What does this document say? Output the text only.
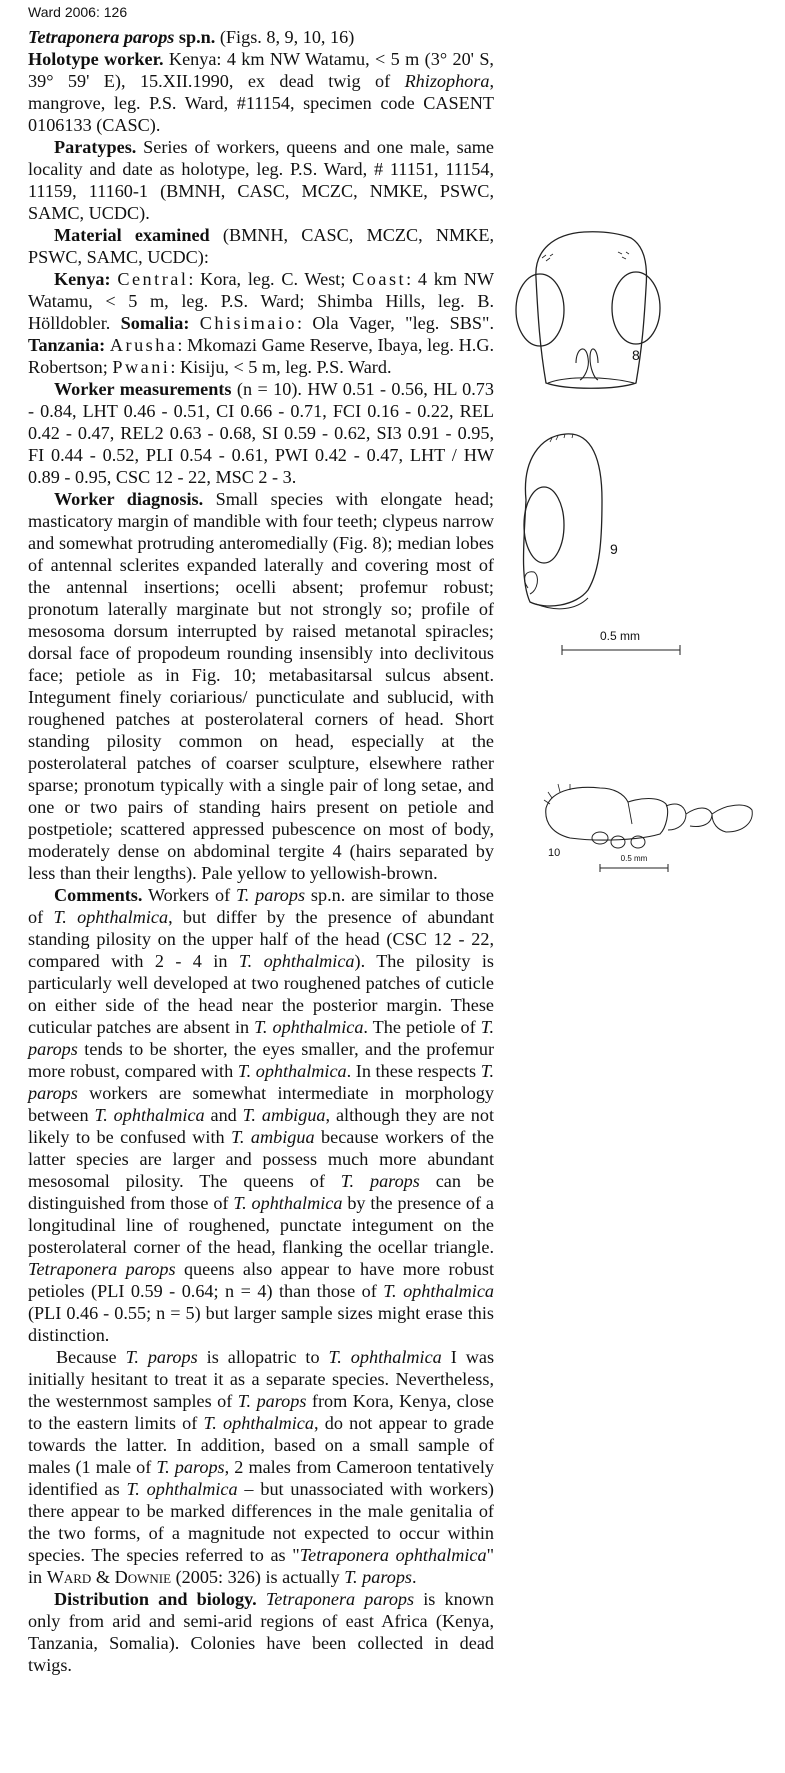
Ward 2006: 126

Tetraponera parops sp.n. (Figs. 8, 9, 10, 16)

Holotype worker. Kenya: 4 km NW Watamu, < 5 m (3° 20' S, 39° 59' E), 15.XII.1990, ex dead twig of Rhizophora, mangrove, leg. P.S. Ward, #11154, specimen code CASENT 0106133 (CASC).

Paratypes. Series of workers, queens and one male, same locality and date as holotype, leg. P.S. Ward, # 11151, 11154, 11159, 11160-1 (BMNH, CASC, MCZC, NMKE, PSWC, SAMC, UCDC).

Material examined (BMNH, CASC, MCZC, NMKE, PSWC, SAMC, UCDC):

Kenya: Central: Kora, leg. C. West; Coast: 4 km NW Watamu, < 5 m, leg. P.S. Ward; Shimba Hills, leg. B. Hölldobler. Somalia: Chisimaio: Ola Vager, "leg. SBS". Tanzania: Arusha: Mkomazi Game Reserve, Ibaya, leg. H.G. Robertson; Pwani: Kisiju, < 5 m, leg. P.S. Ward.

Worker measurements (n = 10). HW 0.51 - 0.56, HL 0.73 - 0.84, LHT 0.46 - 0.51, CI 0.66 - 0.71, FCI 0.16 - 0.22, REL 0.42 - 0.47, REL2 0.63 - 0.68, SI 0.59 - 0.62, SI3 0.91 - 0.95, FI 0.44 - 0.52, PLI 0.54 - 0.61, PWI 0.42 - 0.47, LHT / HW 0.89 - 0.95, CSC 12 - 22, MSC 2 - 3.

Worker diagnosis. Small species with elongate head; masticatory margin of mandible with four teeth; clypeus narrow and somewhat protruding anteromedially (Fig. 8); median lobes of antennal sclerites expanded laterally and covering most of the antennal insertions; ocelli absent; profemur robust; pronotum laterally marginate but not strongly so; profile of mesosoma dorsum interrupted by raised metanotal spiracles; dorsal face of propodeum rounding insensibly into declivitous face; petiole as in Fig. 10; metabasitarsal sulcus absent. Integument finely coriarious/ puncticulate and sublucid, with roughened patches at posterolateral corners of head. Short standing pilosity common on head, especially at the posterolateral patches of coarser sculpture, elsewhere rather sparse; pronotum typically with a single pair of long setae, and one or two pairs of standing hairs present on petiole and postpetiole; scattered appressed pubescence on most of body, moderately dense on abdominal tergite 4 (hairs separated by less than their lengths). Pale yellow to yellowish-brown.

Comments. Workers of T. parops sp.n. are similar to those of T. ophthalmica, but differ by the presence of abundant standing pilosity on the upper half of the head (CSC 12 - 22, compared with 2 - 4 in T. ophthalmica). The pilosity is particularly well developed at two roughened patches of cuticle on either side of the head near the posterior margin. These cuticular patches are absent in T. ophthalmica. The petiole of T. parops tends to be shorter, the eyes smaller, and the profemur more robust, compared with T. ophthalmica. In these respects T. parops workers are somewhat intermediate in morphology between T. ophthalmica and T. ambigua, although they are not likely to be confused with T. ambigua because workers of the latter species are larger and possess much more abundant mesosomal pilosity. The queens of T. parops can be distinguished from those of T. ophthalmica by the presence of a longitudinal line of roughened, punctate integument on the posterolateral corner of the head, flanking the ocellar triangle. Tetraponera parops queens also appear to have more robust petioles (PLI 0.59 - 0.64; n = 4) than those of T. ophthalmica (PLI 0.46 - 0.55; n = 5) but larger sample sizes might erase this distinction.

Because T. parops is allopatric to T. ophthalmica I was initially hesitant to treat it as a separate species. Nevertheless, the westernmost samples of T. parops from Kora, Kenya, close to the eastern limits of T. ophthalmica, do not appear to grade towards the latter. In addition, based on a small sample of males (1 male of T. parops, 2 males from Cameroon tentatively identified as T. ophthalmica – but unassociated with workers) there appear to be marked differences in the male genitalia of the two forms, of a magnitude not expected to occur within species. The species referred to as "Tetraponera ophthalmica" in Ward & Downie (2005: 326) is actually T. parops.

Distribution and biology. Tetraponera parops is known only from arid and semi-arid regions of east Africa (Kenya, Tanzania, Somalia). Colonies have been collected in dead twigs.

8
9
0.5 mm
10	0.5 mm
